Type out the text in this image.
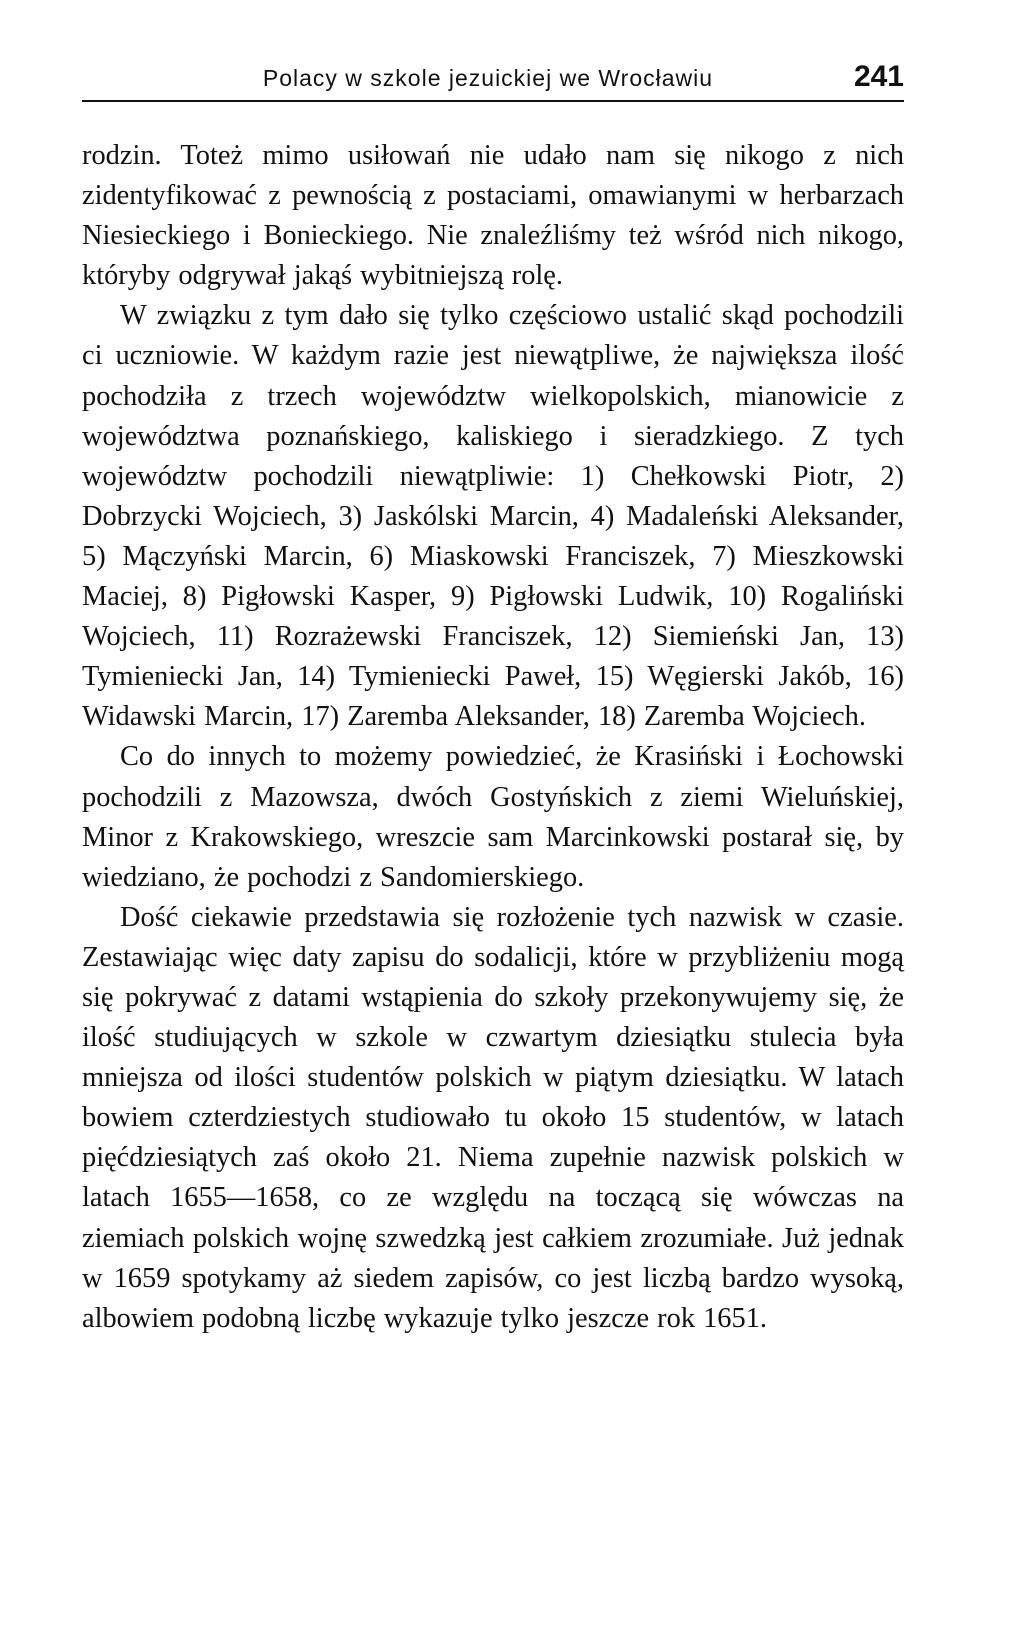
Polacy w szkole jezuickiej we Wrocławiu	241

rodzin. Toteż mimo usiłowań nie udało nam się nikogo z nich zidentyfikować z pewnością z postaciami, omawianymi w herbarzach Niesieckiego i Bonieckiego. Nie znaleźliśmy też wśród nich nikogo, któryby odgrywał jakąś wybitniejszą rolę.

W związku z tym dało się tylko częściowo ustalić skąd pochodzili ci uczniowie. W każdym razie jest niewątpliwe, że największa ilość pochodziła z trzech województw wielkopolskich, mianowicie z województwa poznańskiego, kaliskiego i sieradzkiego. Z tych województw pochodzili niewątpliwie: 1) Chełkowski Piotr, 2) Dobrzycki Wojciech, 3) Jaskólski Marcin, 4) Madaleński Aleksander, 5) Mączyński Marcin, 6) Miaskowski Franciszek, 7) Mieszkowski Maciej, 8) Pigłowski Kasper, 9) Pigłowski Ludwik, 10) Rogaliński Wojciech, 11) Rozrażewski Franciszek, 12) Siemieński Jan, 13) Tymieniecki Jan, 14) Tymieniecki Paweł, 15) Węgierski Jakób, 16) Widawski Marcin, 17) Zaremba Aleksander, 18) Zaremba Wojciech.

Co do innych to możemy powiedzieć, że Krasiński i Łochowski pochodzili z Mazowsza, dwóch Gostyńskich z ziemi Wieluńskiej, Minor z Krakowskiego, wreszcie sam Marcinkowski postarał się, by wiedziano, że pochodzi z Sandomierskiego.

Dość ciekawie przedstawia się rozłożenie tych nazwisk w czasie. Zestawiając więc daty zapisu do sodalicji, które w przybliżeniu mogą się pokrywać z datami wstąpienia do szkoły przekonywujemy się, że ilość studiujących w szkole w czwartym dziesiątku stulecia była mniejsza od ilości studentów polskich w piątym dziesiątku. W latach bowiem czterdziestych studiowało tu około 15 studentów, w latach pięćdziesiątych zaś około 21. Niema zupełnie nazwisk polskich w latach 1655—1658, co ze względu na toczącą się wówczas na ziemiach polskich wojnę szwedzką jest całkiem zrozumiałe. Już jednak w 1659 spotykamy aż siedem zapisów, co jest liczbą bardzo wysoką, albowiem podobną liczbę wykazuje tylko jeszcze rok 1651.
